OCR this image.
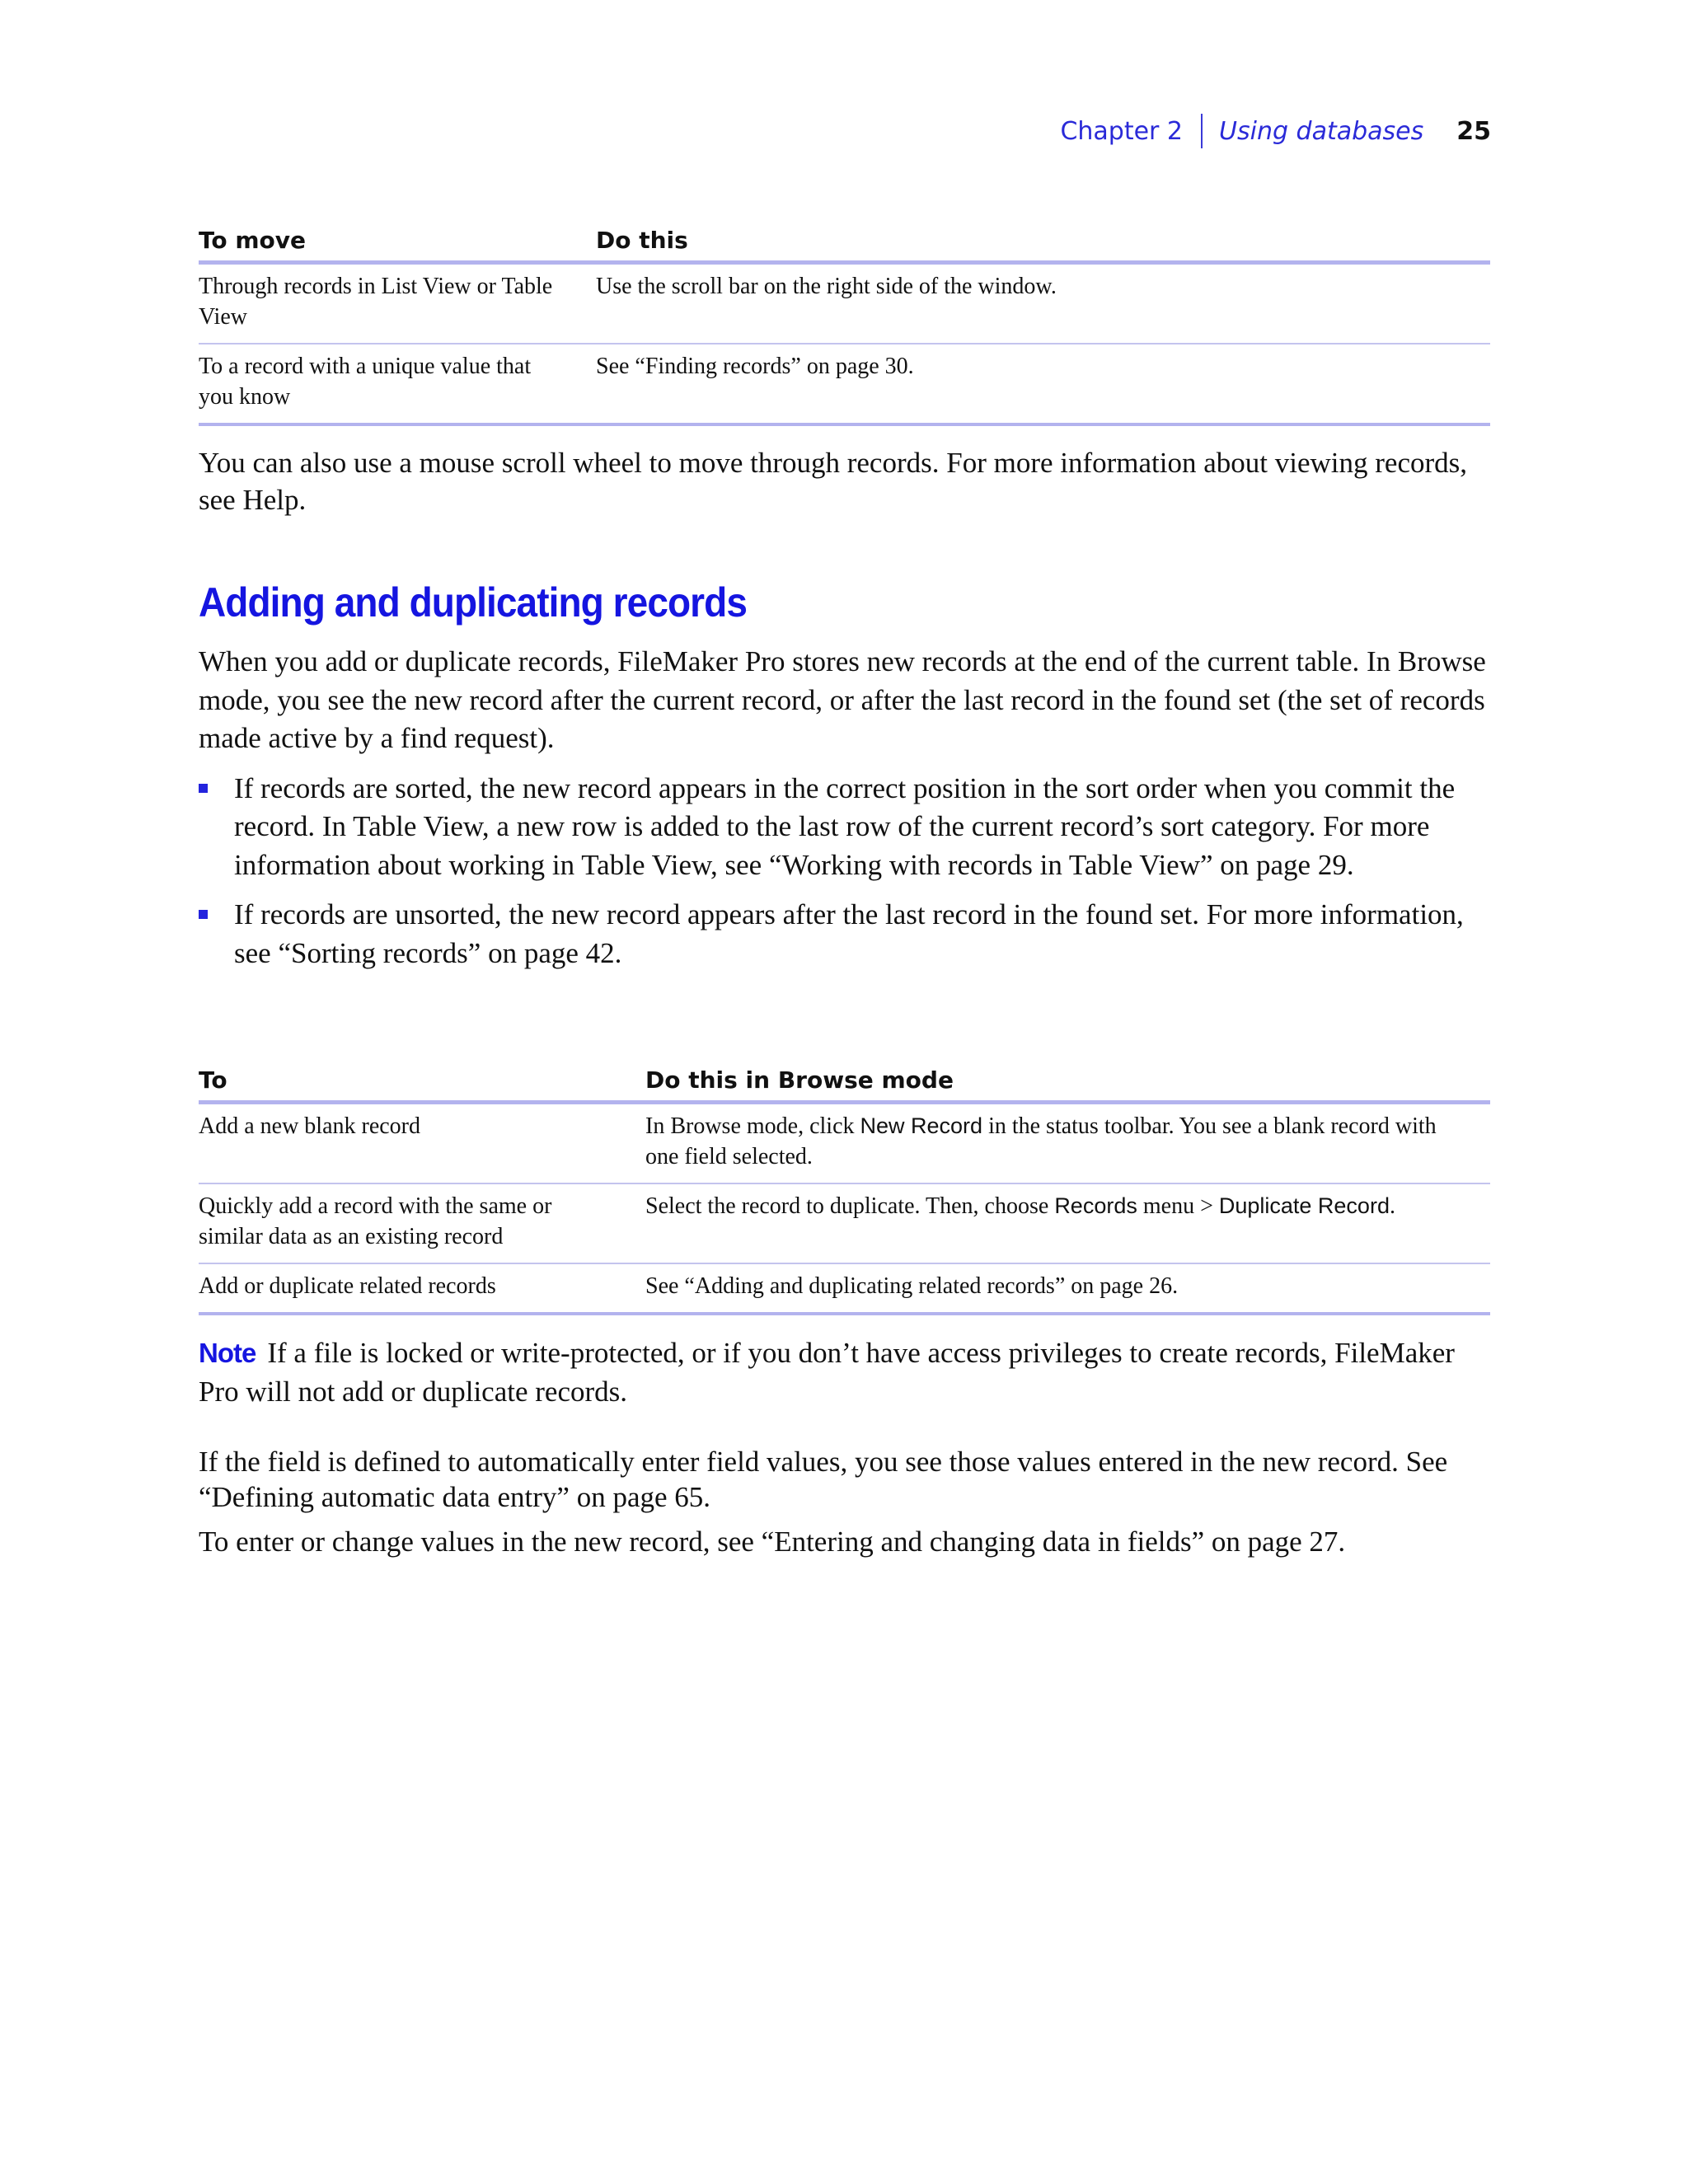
Chapter 2 Using databases 25
To move	Do this
Through records in List View or Table View	Use the scroll bar on the right side of the window.
To a record with a unique value that you know	See “Finding records” on page 30.

You can also use a mouse scroll wheel to move through records. For more information about viewing records, see Help.

Adding and duplicating records

When you add or duplicate records, FileMaker Pro stores new records at the end of the current table. In Browse mode, you see the new record after the current record, or after the last record in the found set (the set of records made active by a find request).

If records are sorted, the new record appears in the correct position in the sort order when you commit the record. In Table View, a new row is added to the last row of the current record’s sort category. For more information about working in Table View, see “Working with records in Table View” on page 29.
If records are unsorted, the new record appears after the last record in the found set. For more information, see “Sorting records” on page 42.
To	Do this in Browse mode
Add a new blank record	In Browse mode, click New Record in the status toolbar. You see a blank record with one field selected.
Quickly add a record with the same or similar data as an existing record	Select the record to duplicate. Then, choose Records menu > Duplicate Record.
Add or duplicate related records	See “Adding and duplicating related records” on page 26.

Note If a file is locked or write-protected, or if you don’t have access privileges to create records, FileMaker Pro will not add or duplicate records.

If the field is defined to automatically enter field values, you see those values entered in the new record. See “Defining automatic data entry” on page 65.

To enter or change values in the new record, see “Entering and changing data in fields” on page 27.
